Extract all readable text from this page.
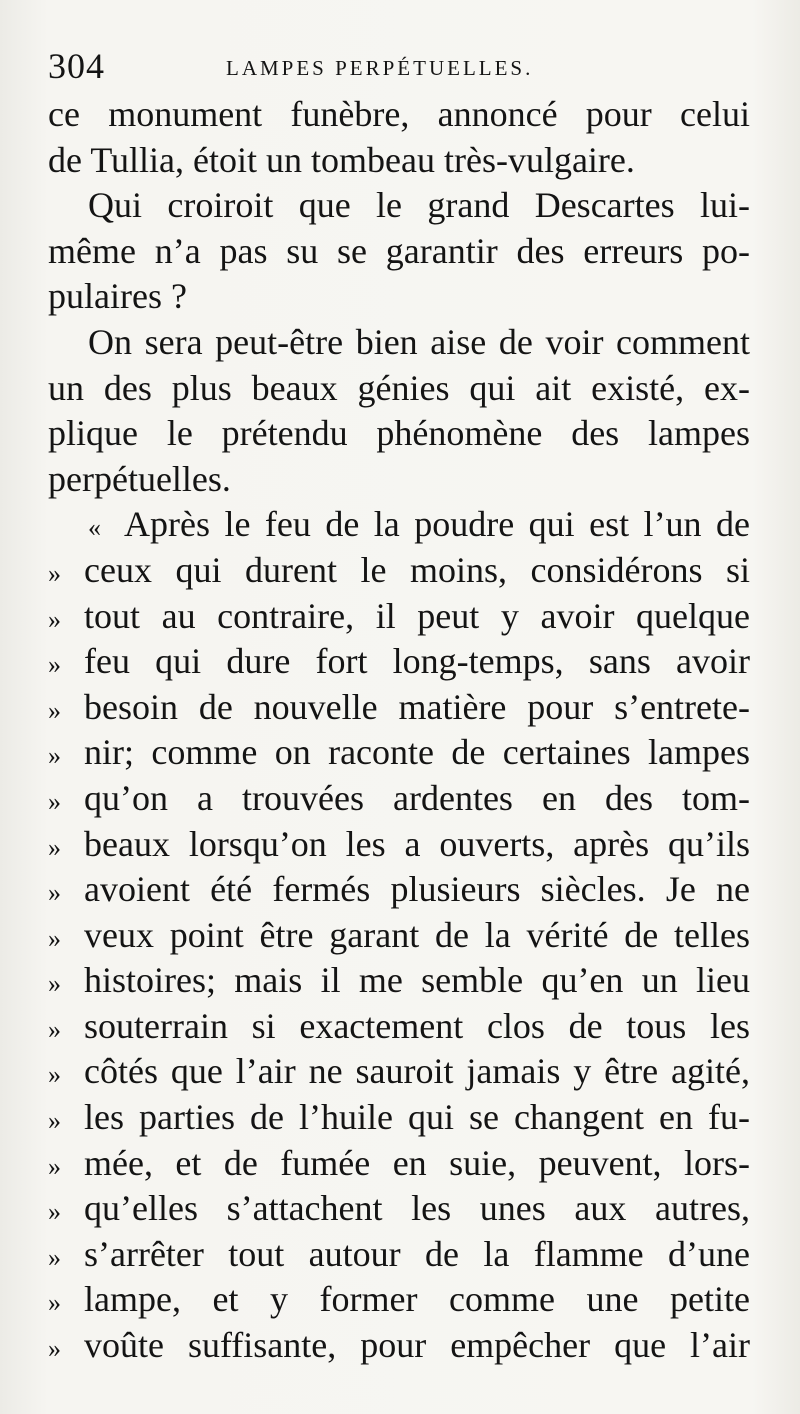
304	LAMPES PERPÉTUELLES.
ce monument funèbre, annoncé pour celui
de Tullia, étoit un tombeau très-vulgaire.
Qui croiroit que le grand Descartes lui-
même n’a pas su se garantir des erreurs po-
pulaires ?
On sera peut-être bien aise de voir comment
un des plus beaux génies qui ait existé, ex-
plique le prétendu phénomène des lampes
perpétuelles.
« Après le feu de la poudre qui est l’un de
» ceux qui durent le moins, considérons si
» tout au contraire, il peut y avoir quelque
» feu qui dure fort long-temps, sans avoir
» besoin de nouvelle matière pour s’entrete-
» nir; comme on raconte de certaines lampes
» qu’on a trouvées ardentes en des tom-
» beaux lorsqu’on les a ouverts, après qu’ils
» avoient été fermés plusieurs siècles. Je ne
» veux point être garant de la vérité de telles
» histoires; mais il me semble qu’en un lieu
» souterrain si exactement clos de tous les
» côtés que l’air ne sauroit jamais y être agité,
» les parties de l’huile qui se changent en fu-
» mée, et de fumée en suie, peuvent, lors-
» qu’elles s’attachent les unes aux autres,
» s’arrêter tout autour de la flamme d’une
» lampe, et y former comme une petite
» voûte suffisante, pour empêcher que l’air
